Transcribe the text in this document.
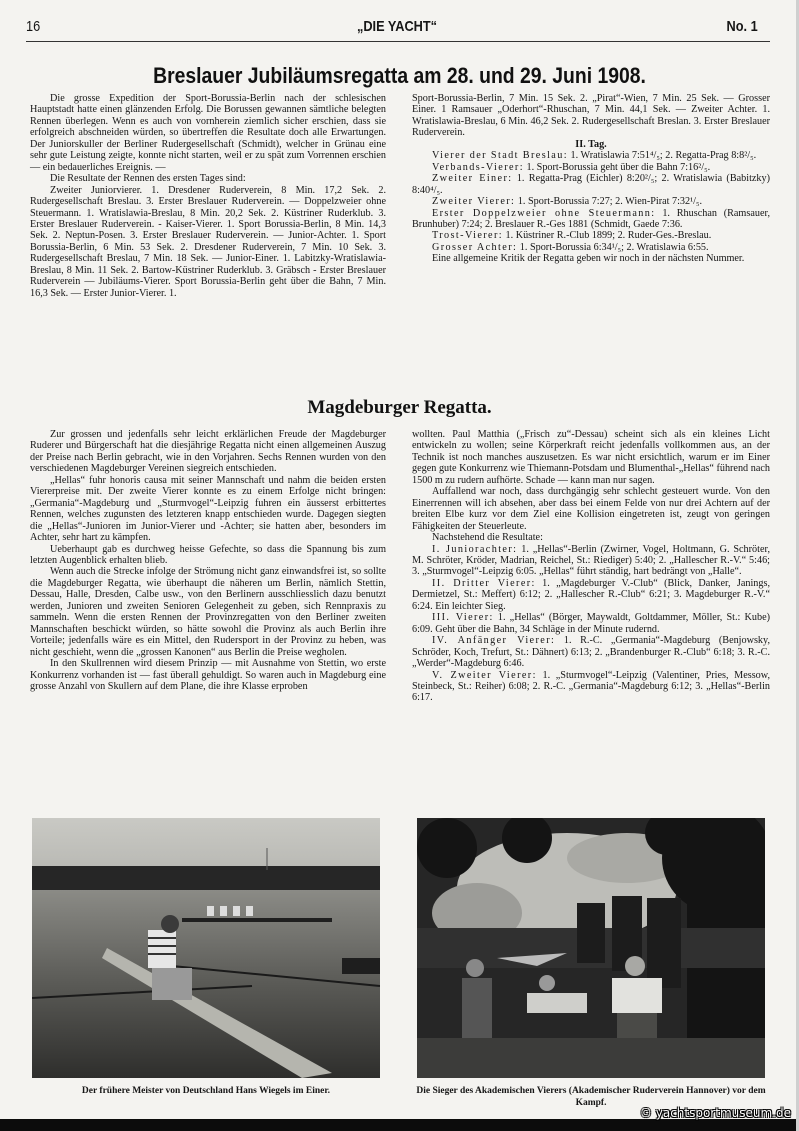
16	„DIE YACHT“	No. 1
Breslauer Jubiläumsregatta am 28. und 29. Juni 1908.

Die grosse Expedition der Sport-Borussia-Berlin nach der schlesischen Hauptstadt hatte einen glänzenden Erfolg. Die Borussen gewannen sämtliche belegten Rennen überlegen. Wenn es auch von vornherein ziemlich sicher erschien, dass sie erfolgreich abschneiden würden, so übertreffen die Resultate doch alle Erwartungen. Der Juniorskuller der Berliner Rudergesellschaft (Schmidt), welcher in Grünau eine sehr gute Leistung zeigte, konnte nicht starten, weil er zu spät zum Vorrennen erschien — ein bedauerliches Ereignis. —

Die Resultate der Rennen des ersten Tages sind:

Zweiter Juniorvierer. 1. Dresdener Ruderverein, 8 Min. 17,2 Sek. 2. Rudergesellschaft Breslau. 3. Erster Breslauer Ruderverein. — Doppelzweier ohne Steuermann. 1. Wratislawia-Breslau, 8 Min. 20,2 Sek. 2. Küstriner Ruderklub. 3. Erster Breslauer Ruderverein. - Kaiser-Vierer. 1. Sport Borussia-Berlin, 8 Min. 14,3 Sek. 2. Neptun-Posen. 3. Erster Breslauer Ruderverein. — Junior-Achter. 1. Sport Borussia-Berlin, 6 Min. 53 Sek. 2. Dresdener Ruderverein, 7 Min. 10 Sek. 3. Rudergesellschaft Breslau, 7 Min. 18 Sek. — Junior-Einer. 1. Labitzky-Wratislawia-Breslau, 8 Min. 11 Sek. 2. Bartow-Küstriner Ruderklub. 3. Gräbsch - Erster Breslauer Ruderverein — Jubiläums-Vierer. Sport Borussia-Berlin geht über die Bahn, 7 Min. 16,3 Sek. — Erster Junior-Vierer. 1.

Sport-Borussia-Berlin, 7 Min. 15 Sek. 2. „Pirat“-Wien, 7 Min. 25 Sek. — Grosser Einer. 1 Ramsauer „Oderhort“-Rhuschan, 7 Min. 44,1 Sek. — Zweiter Achter. 1. Wratislawia-Breslau, 6 Min. 46,2 Sek. 2. Rudergesellschaft Breslan. 3. Erster Breslauer Ruderverein.

II. Tag.

Vierer der Stadt Breslau: 1. Wratislawia 7:51⁴/₅; 2. Regatta-Prag 8:8²/₅.

Verbands-Vierer: 1. Sport-Borussia geht über die Bahn 7:16²/₅.

Zweiter Einer: 1. Regatta-Prag (Eichler) 8:20²/₅; 2. Wratislawia (Babitzky) 8:40⁴/₅.

Zweiter Vierer: 1. Sport-Borussia 7:27; 2. Wien-Pirat 7:32¹/₅.

Erster Doppelzweier ohne Steuermann: 1. Rhuschan (Ramsauer, Brunhuber) 7:24; 2. Breslauer R.-Ges 1881 (Schmidt, Gaede 7:36.

Trost-Vierer: 1. Küstriner R.-Club 1899; 2. Ruder-Ges.-Breslau.

Grosser Achter: 1. Sport-Borussia 6:34¹/₅; 2. Wratislawia 6:55.

Eine allgemeine Kritik der Regatta geben wir noch in der nächsten Nummer.

Magdeburger Regatta.

Zur grossen und jedenfalls sehr leicht erklärlichen Freude der Magdeburger Ruderer und Bürgerschaft hat die diesjährige Regatta nicht einen allgemeinen Auszug der Preise nach Berlin gebracht, wie in den Vorjahren. Sechs Rennen wurden von den verschiedenen Magdeburger Vereinen siegreich entschieden.

„Hellas“ fuhr honoris causa mit seiner Mannschaft und nahm die beiden ersten Viererpreise mit. Der zweite Vierer konnte es zu einem Erfolge nicht bringen: „Germania“-Magdeburg und „Sturmvogel“-Leipzig fuhren ein äusserst erbittertes Rennen, welches zugunsten des letzteren knapp entschieden wurde. Dagegen siegten die „Hellas“-Junioren im Junior-Vierer und -Achter; sie hatten aber, besonders im Achter, sehr hart zu kämpfen.

Ueberhaupt gab es durchweg heisse Gefechte, so dass die Spannung bis zum letzten Augenblick erhalten blieb.

Wenn auch die Strecke infolge der Strömung nicht ganz einwandsfrei ist, so sollte die Magdeburger Regatta, wie überhaupt die näheren um Berlin, nämlich Stettin, Dessau, Halle, Dresden, Calbe usw., von den Berlinern ausschliesslich dazu benutzt werden, Junioren und zweiten Senioren Gelegenheit zu geben, sich Rennpraxis zu sammeln. Wenn die ersten Rennen der Provinzregatten von den Berliner zweiten Mannschaften beschickt würden, so hätte sowohl die Provinz als auch Berlin ihre Vorteile; jedenfalls wäre es ein Mittel, den Rudersport in der Provinz zu heben, was nicht geschieht, wenn die „grossen Kanonen“ aus Berlin die Preise wegholen.

In den Skullrennen wird diesem Prinzip — mit Ausnahme von Stettin, wo erste Konkurrenz vorhanden ist — fast überall gehuldigt. So waren auch in Magdeburg eine grosse Anzahl von Skullern auf dem Plane, die ihre Klasse erproben

wollten. Paul Matthia („Frisch zu“-Dessau) scheint sich als ein kleines Licht entwickeln zu wollen; seine Körperkraft reicht jedenfalls vollkommen aus, an der Technik ist noch manches auszusetzen. Es war nicht ersichtlich, warum er im Einer gegen gute Konkurrenz wie Thiemann-Potsdam und Blumenthal-„Hellas“ führend nach 1500 m zu rudern aufhörte. Schade — kann man nur sagen.

Auffallend war noch, dass durchgängig sehr schlecht gesteuert wurde. Von den Einerrennen will ich absehen, aber dass bei einem Felde von nur drei Achtern auf der breiten Elbe kurz vor dem Ziel eine Kollision eingetreten ist, zeugt von geringen Fähigkeiten der Steuerleute.

Nachstehend die Resultate:

I. Juniorachter: 1. „Hellas“-Berlin (Zwirner, Vogel, Holtmann, G. Schröter, M. Schröter, Kröder, Madrian, Reichel, St.: Riediger) 5:40; 2. „Hallescher R.-V.“ 5:46; 3. „Sturmvogel“-Leipzig 6:05. „Hellas“ führt ständig, hart bedrängt von „Halle“.

II. Dritter Vierer: 1. „Magdeburger V.-Club“ (Blick, Danker, Janings, Dermietzel, St.: Meffert) 6:12; 2. „Hallescher R.-Club“ 6:21; 3. Magdeburger R.-V.“ 6:24. Ein leichter Sieg.

III. Vierer: 1. „Hellas“ (Börger, Maywaldt, Goltdammer, Möller, St.: Kube) 6:09. Geht über die Bahn, 34 Schläge in der Minute rudernd.

IV. Anfänger Vierer: 1. R.-C. „Germania“-Magdeburg (Benjowsky, Schröder, Koch, Trefurt, St.: Dähnert) 6:13; 2. „Brandenburger R.-Club“ 6:18; 3. R.-C. „Werder“-Magdeburg 6:46.

V. Zweiter Vierer: 1. „Sturmvogel“-Leipzig (Valentiner, Pries, Messow, Steinbeck, St.: Reiher) 6:08; 2. R.-C. „Germania“-Magdeburg 6:12; 3. „Hellas“-Berlin 6:17.

Der frühere Meister von Deutschland Hans Wiegels im Einer.	Die Sieger des Akademischen Vierers (Akademischer Ruderverein Hannover) vor dem Kampf.
© yachtsportmuseum.de
